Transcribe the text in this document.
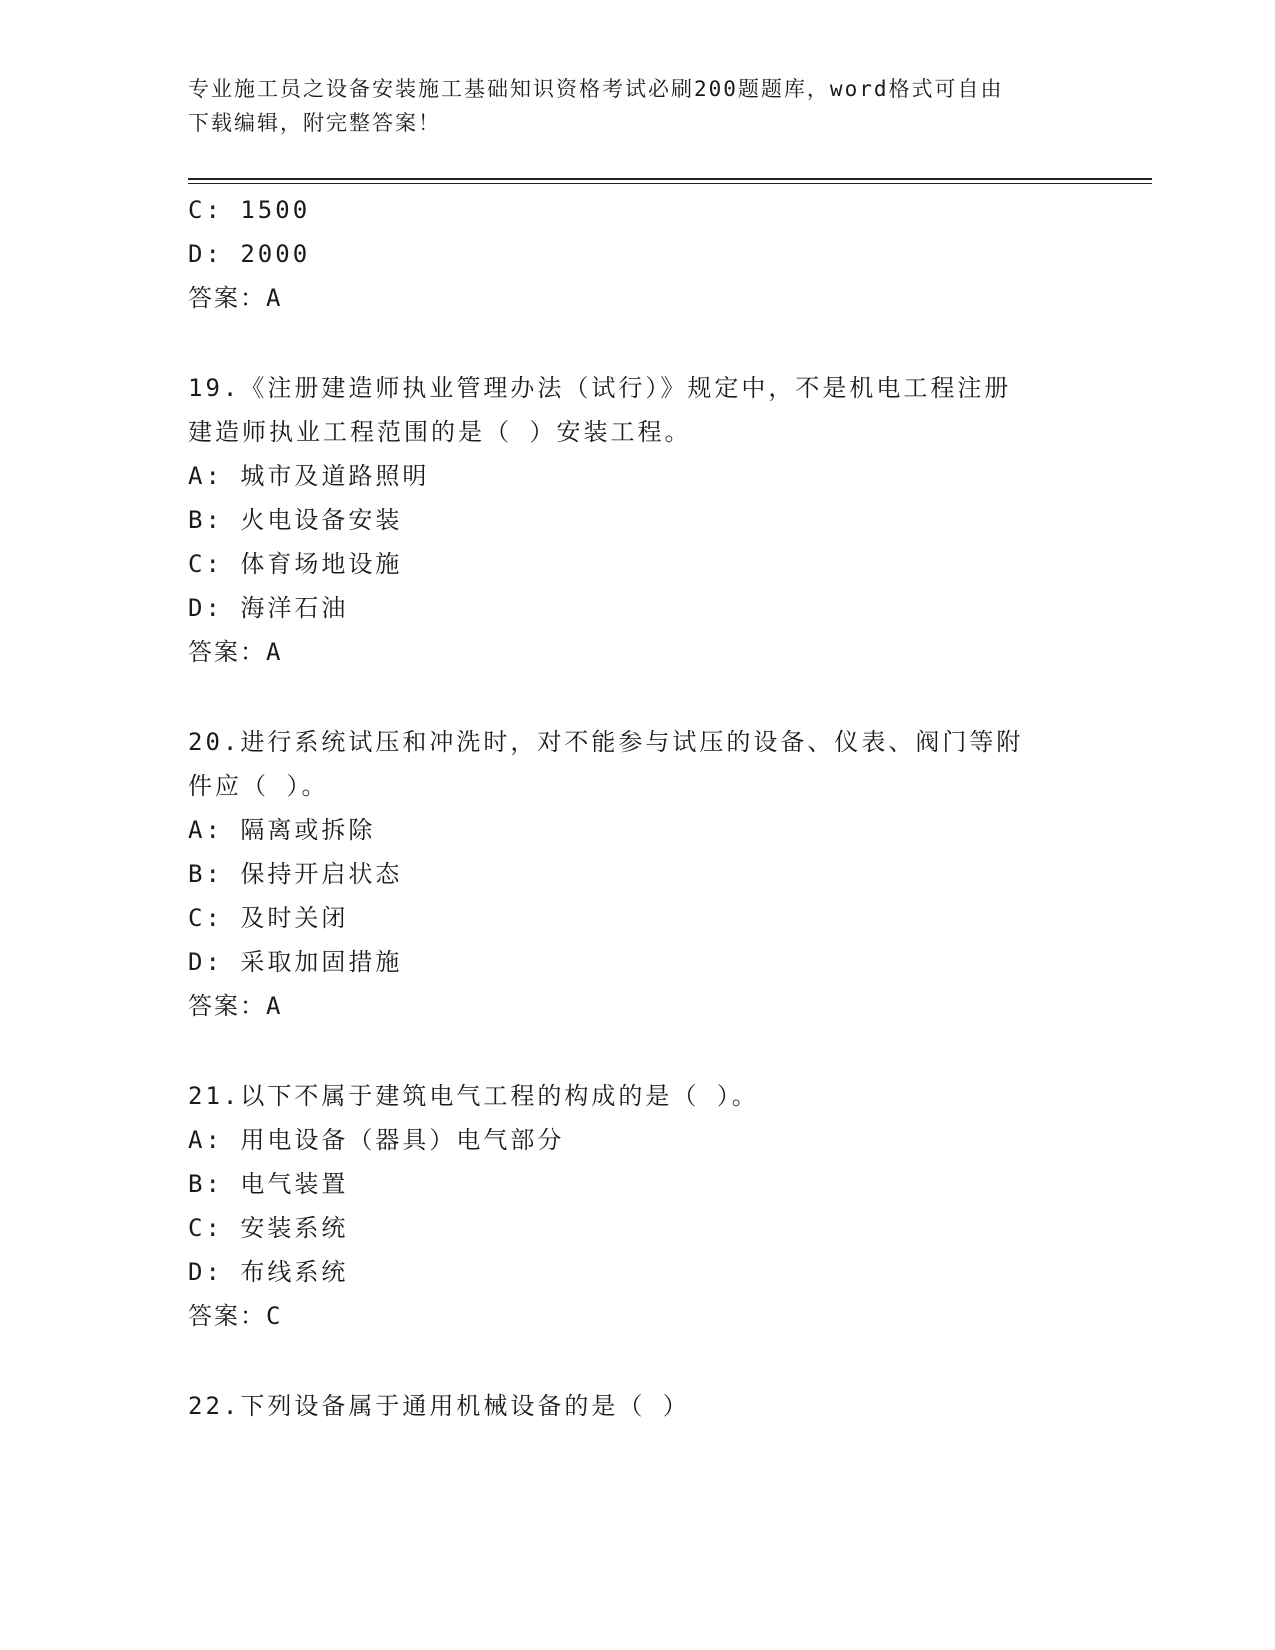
专业施工员之设备安装施工基础知识资格考试必刷200题题库，word格式可自由
下载编辑，附完整答案！
C: 1500
D: 2000
答案：A
19.《注册建造师执业管理办法（试行）》规定中，不是机电工程注册
建造师执业工程范围的是（ ）安装工程。
A: 城市及道路照明
B: 火电设备安装
C: 体育场地设施
D: 海洋石油
答案：A
20.进行系统试压和冲洗时，对不能参与试压的设备、仪表、阀门等附
件应（ ）。
A: 隔离或拆除
B: 保持开启状态
C: 及时关闭
D: 采取加固措施
答案：A
21.以下不属于建筑电气工程的构成的是（ ）。
A: 用电设备（器具）电气部分
B: 电气装置
C: 安装系统
D: 布线系统
答案：C
22.下列设备属于通用机械设备的是（ ）
